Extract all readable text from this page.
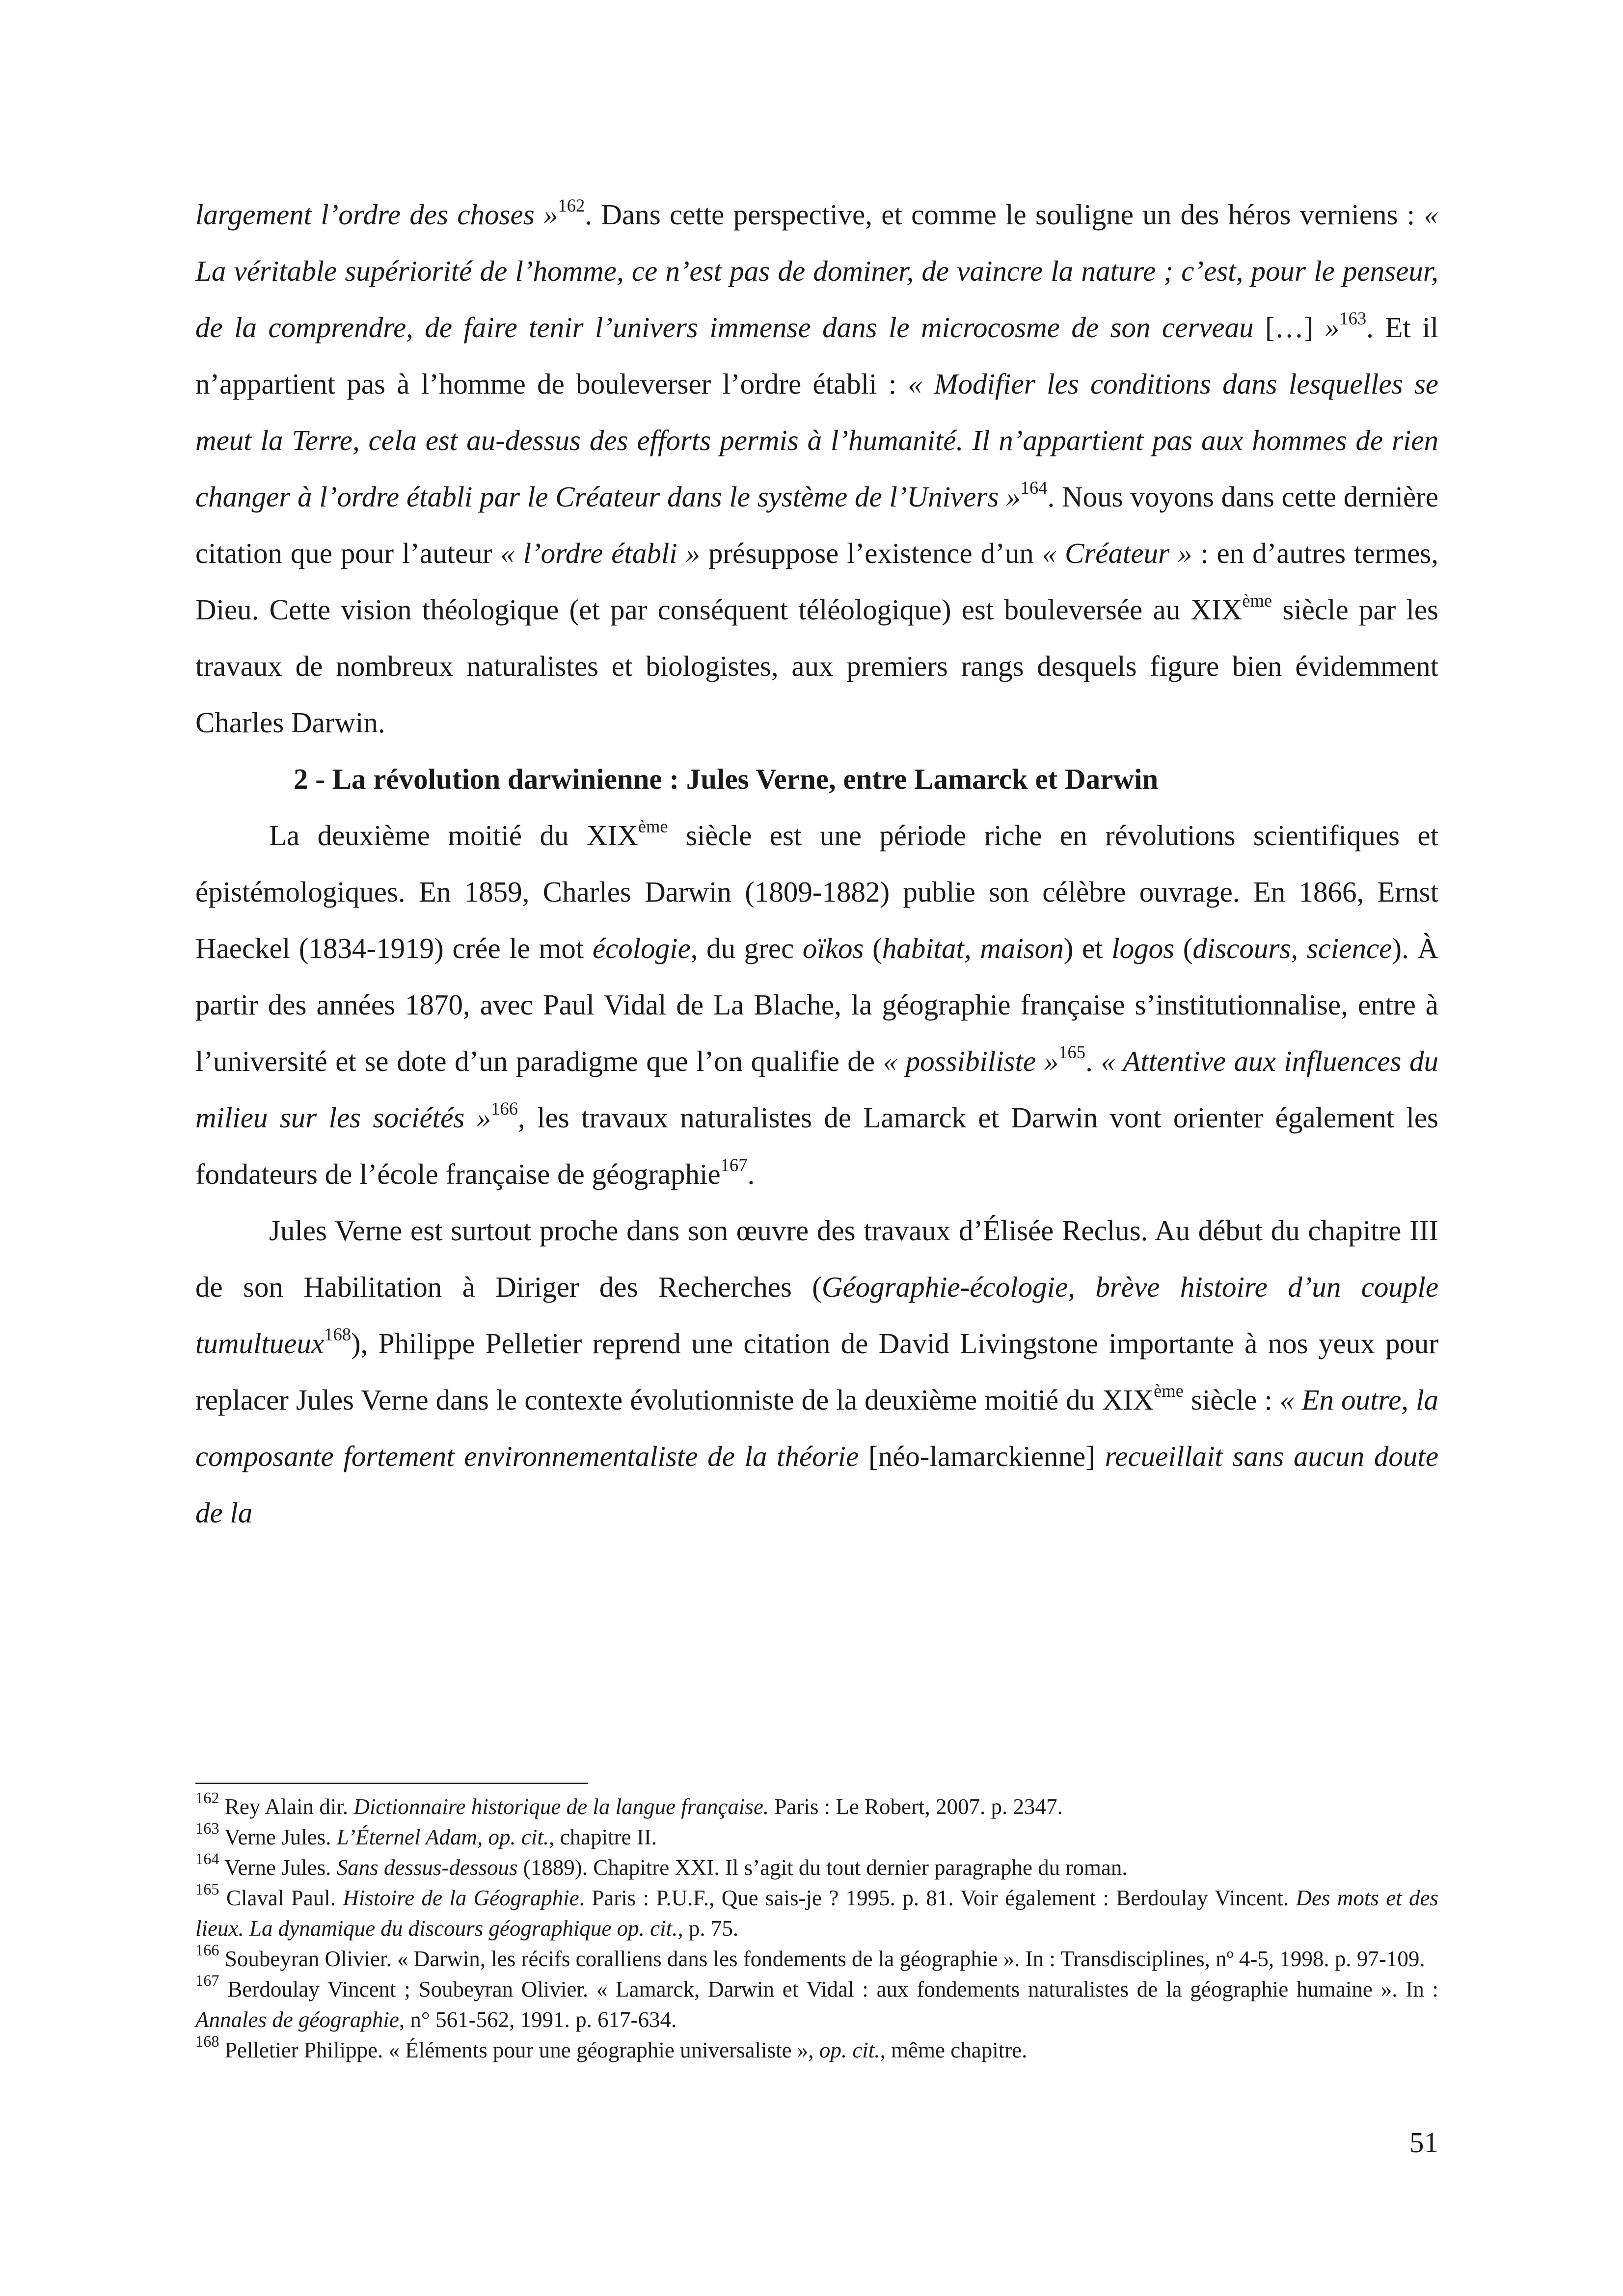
largement l’ordre des choses »$^{162}$. Dans cette perspective, et comme le souligne un des héros verniens : « La véritable supériorité de l’homme, ce n’est pas de dominer, de vaincre la nature ; c’est, pour le penseur, de la comprendre, de faire tenir l’univers immense dans le microcosme de son cerveau […] »$^{163}$. Et il n’appartient pas à l’homme de bouleverser l’ordre établi : « Modifier les conditions dans lesquelles se meut la Terre, cela est au-dessus des efforts permis à l’humanité. Il n’appartient pas aux hommes de rien changer à l’ordre établi par le Créateur dans le système de l’Univers »$^{164}$. Nous voyons dans cette dernière citation que pour l’auteur « l’ordre établi » présuppose l’existence d’un « Créateur » : en d’autres termes, Dieu. Cette vision théologique (et par conséquent téléologique) est bouleversée au XIXème siècle par les travaux de nombreux naturalistes et biologistes, aux premiers rangs desquels figure bien évidemment Charles Darwin.

2 - La révolution darwinienne : Jules Verne, entre Lamarck et Darwin

La deuxième moitié du XIXème siècle est une période riche en révolutions scientifiques et épistémologiques. En 1859, Charles Darwin (1809-1882) publie son célèbre ouvrage. En 1866, Ernst Haeckel (1834-1919) crée le mot écologie, du grec oïkos (habitat, maison) et logos (discours, science). À partir des années 1870, avec Paul Vidal de La Blache, la géographie française s’institutionnalise, entre à l’université et se dote d’un paradigme que l’on qualifie de « possibiliste »$^{165}$. « Attentive aux influences du milieu sur les sociétés »$^{166}$, les travaux naturalistes de Lamarck et Darwin vont orienter également les fondateurs de l’école française de géographie$^{167}$.

Jules Verne est surtout proche dans son œuvre des travaux d’Élisée Reclus. Au début du chapitre III de son Habilitation à Diriger des Recherches (Géographie-écologie, brève histoire d’un couple tumultueux$^{168}$), Philippe Pelletier reprend une citation de David Livingstone importante à nos yeux pour replacer Jules Verne dans le contexte évolutionniste de la deuxième moitié du XIXème siècle : « En outre, la composante fortement environnementaliste de la théorie [néo-lamarckienne] recueillait sans aucun doute de la

$^{162}$ Rey Alain dir. Dictionnaire historique de la langue française. Paris : Le Robert, 2007. p. 2347.

$^{163}$ Verne Jules. L’Éternel Adam, op. cit., chapitre II.

$^{164}$ Verne Jules. Sans dessus-dessous (1889). Chapitre XXI. Il s’agit du tout dernier paragraphe du roman.

$^{165}$ Claval Paul. Histoire de la Géographie. Paris : P.U.F., Que sais-je ? 1995. p. 81. Voir également : Berdoulay Vincent. Des mots et des lieux. La dynamique du discours géographique op. cit., p. 75.

$^{166}$ Soubeyran Olivier. « Darwin, les récifs coralliens dans les fondements de la géographie ». In : Transdisciplines, nº 4-5, 1998. p. 97-109.

$^{167}$ Berdoulay Vincent ; Soubeyran Olivier. « Lamarck, Darwin et Vidal : aux fondements naturalistes de la géographie humaine ». In : Annales de géographie, n° 561-562, 1991. p. 617-634.

$^{168}$ Pelletier Philippe. « Éléments pour une géographie universaliste », op. cit., même chapitre.

51
